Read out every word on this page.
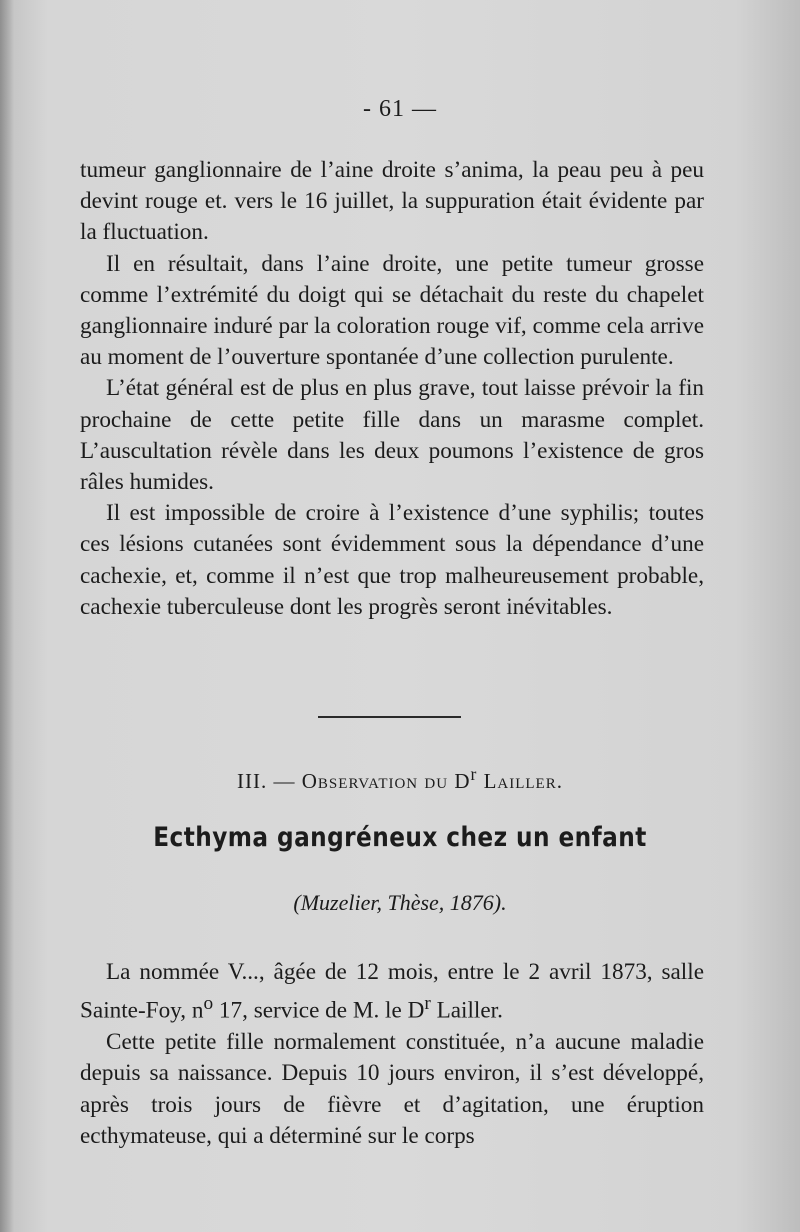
- 61 —

tumeur ganglionnaire de l’aine droite s’anima, la peau peu à peu devint rouge et. vers le 16 juillet, la suppuration était évidente par la fluctuation.

Il en résultait, dans l’aine droite, une petite tumeur grosse comme l’extrémité du doigt qui se détachait du reste du chapelet ganglionnaire induré par la coloration rouge vif, comme cela arrive au moment de l’ouverture spontanée d’une collection purulente.

L’état général est de plus en plus grave, tout laisse prévoir la fin prochaine de cette petite fille dans un marasme complet. L’auscultation révèle dans les deux poumons l’existence de gros râles humides.

Il est impossible de croire à l’existence d’une syphilis; toutes ces lésions cutanées sont évidemment sous la dépendance d’une cachexie, et, comme il n’est que trop malheureusement probable, cachexie tuberculeuse dont les progrès seront inévitables.

III. — Observation du $D^r$ Lailler.
Ecthyma gangréneux chez un enfant
(Muzelier, Thèse, 1876).

La nommée V..., âgée de 12 mois, entre le 2 avril 1873, salle Sainte-Foy, $n^o$ 17, service de M. le $D^r$ Lailler.

Cette petite fille normalement constituée, n’a aucune maladie depuis sa naissance. Depuis 10 jours environ, il s’est développé, après trois jours de fièvre et d’agitation, une éruption ecthymateuse, qui a déterminé sur le corps
